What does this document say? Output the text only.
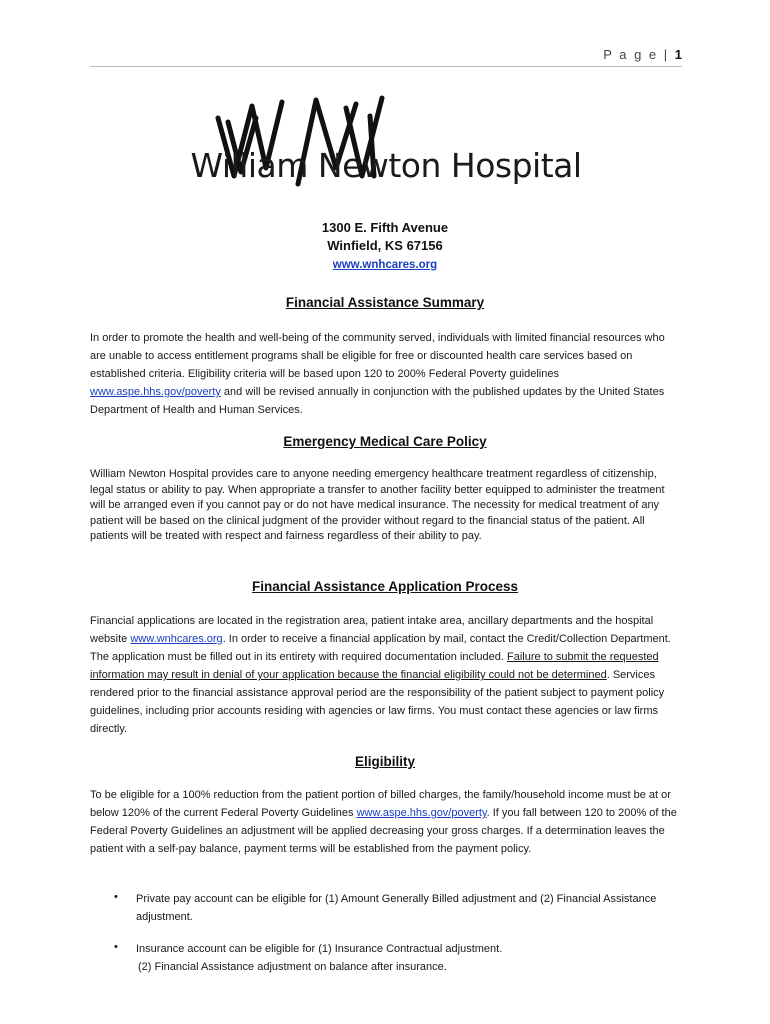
P a g e | 1
William Newton Hospital
1300 E. Fifth Avenue
Winfield, KS 67156
www.wnhcares.org
Financial Assistance Summary
In order to promote the health and well-being of the community served, individuals with limited financial resources who are unable to access entitlement programs shall be eligible for free or discounted health care services based on established criteria. Eligibility criteria will be based upon 120 to 200% Federal Poverty guidelines www.aspe.hhs.gov/poverty and will be revised annually in conjunction with the published updates by the United States Department of Health and Human Services.
Emergency Medical Care Policy
William Newton Hospital provides care to anyone needing emergency healthcare treatment regardless of citizenship, legal status or ability to pay. When appropriate a transfer to another facility better equipped to administer the treatment will be arranged even if you cannot pay or do not have medical insurance. The necessity for medical treatment of any patient will be based on the clinical judgment of the provider without regard to the financial status of the patient. All patients will be treated with respect and fairness regardless of their ability to pay.
Financial Assistance Application Process
Financial applications are located in the registration area, patient intake area, ancillary departments and the hospital website www.wnhcares.org. In order to receive a financial application by mail, contact the Credit/Collection Department. The application must be filled out in its entirety with required documentation included. Failure to submit the requested information may result in denial of your application because the financial eligibility could not be determined. Services rendered prior to the financial assistance approval period are the responsibility of the patient subject to payment policy guidelines, including prior accounts residing with agencies or law firms. You must contact these agencies or law firms directly.
Eligibility
To be eligible for a 100% reduction from the patient portion of billed charges, the family/household income must be at or below 120% of the current Federal Poverty Guidelines www.aspe.hhs.gov/poverty. If you fall between 120 to 200% of the Federal Poverty Guidelines an adjustment will be applied decreasing your gross charges. If a determination leaves the patient with a self-pay balance, payment terms will be established from the payment policy.
• Private pay account can be eligible for (1) Amount Generally Billed adjustment and (2) Financial Assistance adjustment.
• Insurance account can be eligible for (1) Insurance Contractual adjustment.
(2) Financial Assistance adjustment on balance after insurance.
